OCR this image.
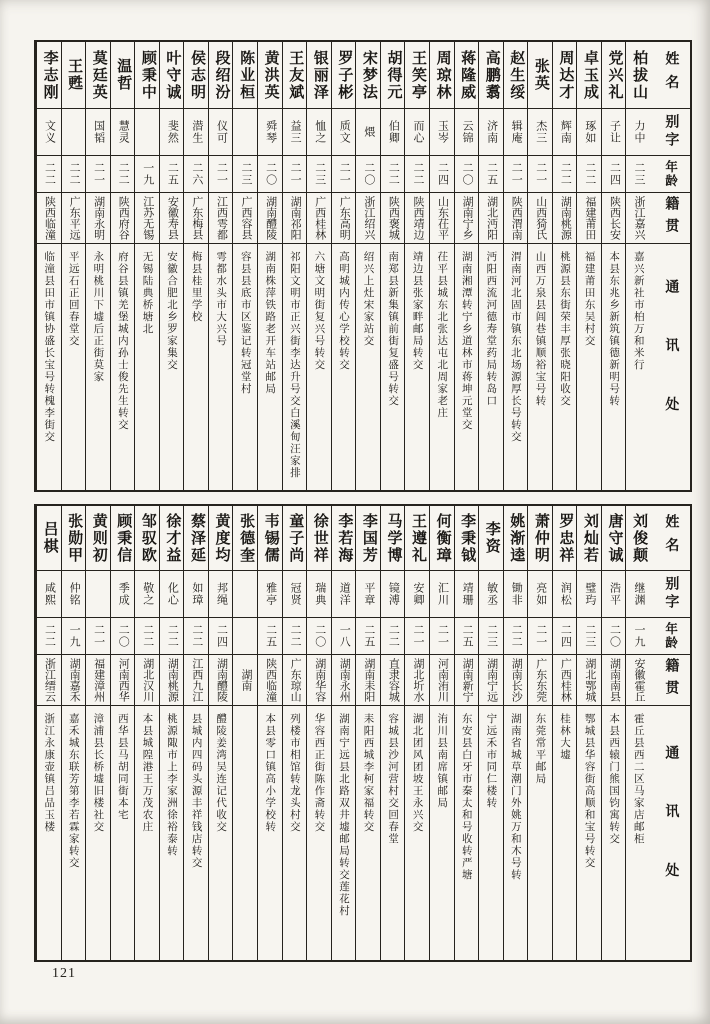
姓名
别字
年龄
籍贯
通讯处
柏拔山
力中
二三
浙江嘉兴
嘉兴新社市柏万和米行
党兴礼
子让
二四
陕西长安
本县东兆乡新筑镇德新明号转
卓玉成
琢如
二二
福建莆田
福建莆田东吴村交
周达才
辉南
二二
湖南桃源
桃源县东街荣丰厚张晓阳收交
张英
杰三
二一
山西猗氏
山西万泉县闾巷镇顺裕宝号转
赵生绥
辑庵
二一
陕西渭南
渭南河北固市镇东北场源厚长号转交
高鹏翥
济南
二五
湖北沔阳
沔阳西流河德寿堂药局转岛口
蒋隆威
云锦
二〇
湖南宁乡
湖南湘潭转宁乡道林市蒋坤元堂交
周琼林
玉岑
二四
山东茌平
茌平县城东北张达屯北周家老庄
王笑亭
而心
二二
陕西靖边
靖边县张家畔邮局转交
胡得元
伯卿
二二
陕西褒城
南郑县新集镇前街复盛号转交
宋梦法
煨
二〇
浙江绍兴
绍兴上灶宋家站交
罗子彬
质文
二一
广东高明
高明城内传心学校转交
银丽泽
恤之
二三
广西桂林
六塘文明街复兴号转交
王友斌
益三
二一
湖南祁阳
祁阳文明市正兴街李达升号交白溪甸汪家排
黄洪英
舜琴
二〇
湖南醴陵
湖南株萍铁路老开车站邮局
陈业桓
二三
广西容县
容县县底市区鉴记转冠堂村
段绍汾
仪可
二一
江西雩都
雩都水头市大兴号
侯志明
潜生
二六
广东梅县
梅县桂里学校
叶守诚
斐然
二五
安徽寿县
安徽合肥北乡罗家集交
顾秉中
一九
江苏无锡
无锡陆典桥塘北
温哲
慧灵
二二
陕西府谷
府谷县镇羌堡城内孙士俊先生转交
莫廷英
国韬
二一
湖南永明
永明桃川下墟后正街莫家
王甦
二二
广东平远
平远石正回春堂交
李志刚
文义
二二
陕西临潼
临潼县田市镇协盛长宝号转槐李街交
姓名
别字
年龄
籍贯
通讯处
刘俊颠
继渊
一九
安徽霍丘
霍丘县西二区马家店邮柜
唐守诚
浩平
二〇
湖南南县
本县西辕门熊国钧寓转交
刘灿若
璧玙
二三
湖北鄂城
鄂城县华容街高顺和宝号转交
罗忠祥
润松
二四
广西桂林
桂林大墟
萧仲明
亮如
二一
广东东莞
东莞常平邮局
姚渐逵
锄非
二二
湖南长沙
湖南省城草潮门外姚万和木号转
李资
敏丞
二三
湖南宁远
宁远禾市同仁楼转
李秉钺
靖珊
二五
湖南新宁
东安县白牙市秦太和号收转严塘
何衡璋
汇川
二一
河南洧川
洧川县南席镇邮局
王遵礼
安卿
二一
湖北圻水
湖北团风团坡王永兴交
马学博
镜溥
二二
直隶容城
容城县沙河营村交回春堂
李国芳
平章
二五
湖南耒阳
耒阳西城李柯家福转交
李若海
道洋
一八
湖南永州
湖南宁远县北路双井墟邮局转交莲花村
徐世祥
瑞典
二〇
湖南华容
华容西正街陈作斋转交
童子尚
冠贤
二二
广东琼山
列楼市相馆转龙头村交
韦锡儒
雅亭
二五
陕西临潼
本县零口镇高小学校转
张德奎
湖南
黄度均
邦绳
二四
湖南醴陵
醴陵姜湾吴连记代收交
蔡泽延
如璋
二二
江西九江
县城内四码头源丰祥钱店转交
徐才益
化心
二二
湖南桃源
桃源陬市上李家洲徐裕泰转
邹驭欧
敬之
二二
湖北汉川
本县城隍港王万茂农庄
顾秉信
季成
二〇
河南西华
西华县马胡同街本宅
黄则初
二一
福建漳州
漳浦县长桥墟旧楼社交
张勋甲
仲铭
一九
湖南嘉禾
嘉禾城东联芳第李若霖家转交
吕棋
咸熙
二二
浙江缙云
浙江永康壶镇吕品玉楼
121
